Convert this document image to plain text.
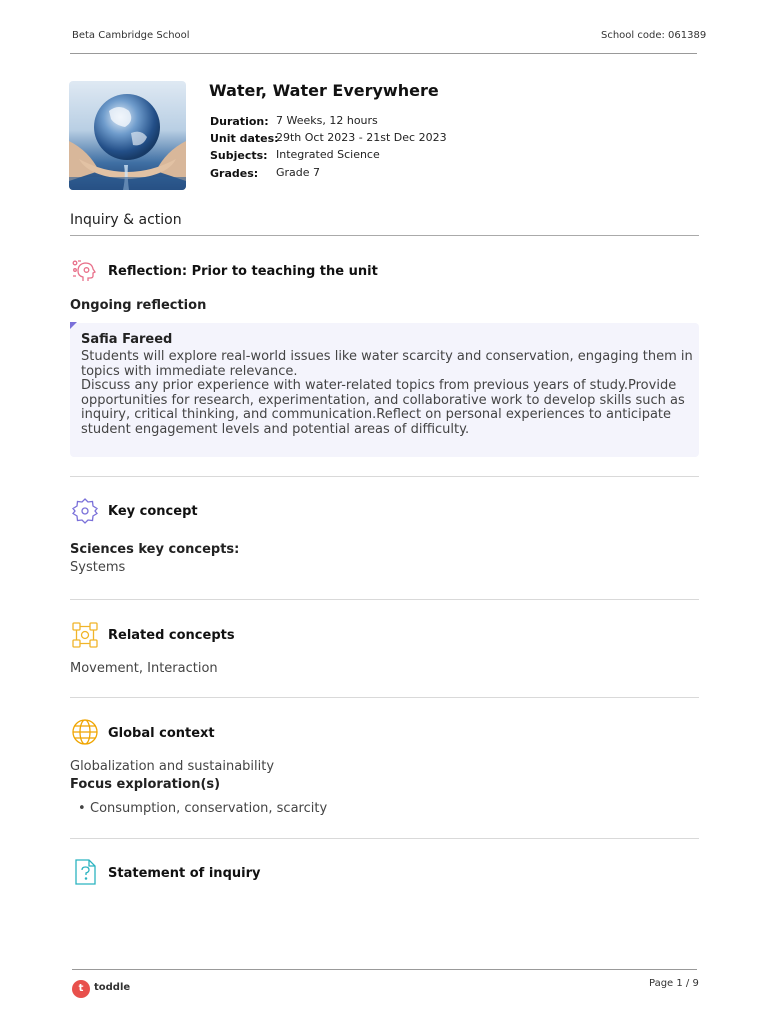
Beta Cambridge School	School code: 061389
Water, Water Everywhere
Duration: 7 Weeks, 12 hours
Unit dates:
29th Oct 2023 - 21st Dec 2023
Subjects: Integrated Science
Grades: Grade 7
Inquiry & action
Reflection: Prior to teaching the unit
Ongoing reflection
Safia Fareed

Students will explore real-world issues like water scarcity and conservation, engaging them in topics with immediate relevance.

Discuss any prior experience with water-related topics from previous years of study.Provide opportunities for research, experimentation, and collaborative work to develop skills such as inquiry, critical thinking, and communication.Reflect on personal experiences to anticipate student engagement levels and potential areas of difficulty.

Key concept
Sciences key concepts:
Systems
Related concepts
Movement, Interaction
Global context
Globalization and sustainability
Focus exploration(s)
• Consumption, conservation, scarcity
Statement of inquiry
t	toddle	Page 1 / 9
